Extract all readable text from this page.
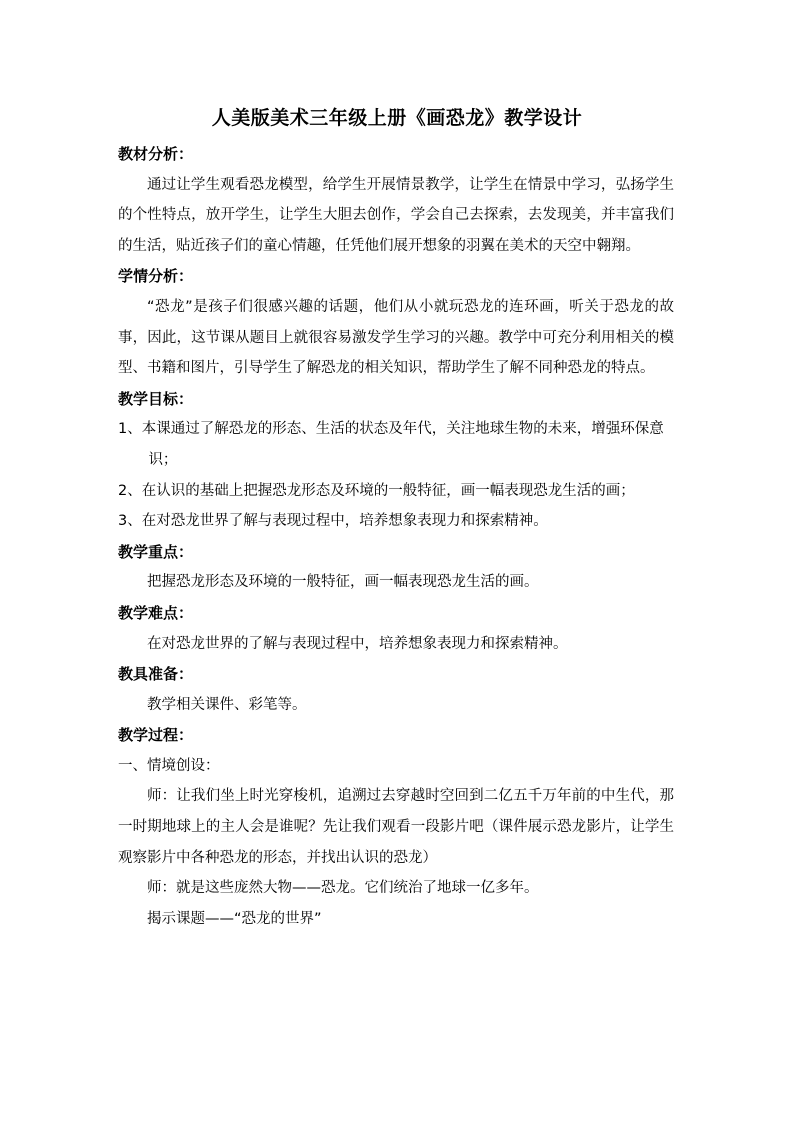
人美版美术三年级上册《画恐龙》教学设计
教材分析：
通过让学生观看恐龙模型，给学生开展情景教学，让学生在情景中学习，弘扬学生的个性特点，放开学生，让学生大胆去创作，学会自己去探索，去发现美，并丰富我们的生活，贴近孩子们的童心情趣，任凭他们展开想象的羽翼在美术的天空中翱翔。
学情分析：
“恐龙”是孩子们很感兴趣的话题，他们从小就玩恐龙的连环画，听关于恐龙的故事，因此，这节课从题目上就很容易激发学生学习的兴趣。教学中可充分利用相关的模型、书籍和图片，引导学生了解恐龙的相关知识，帮助学生了解不同种恐龙的特点。
教学目标：
1、本课通过了解恐龙的形态、生活的状态及年代，关注地球生物的未来，增强环保意识；
2、在认识的基础上把握恐龙形态及环境的一般特征，画一幅表现恐龙生活的画；
3、在对恐龙世界了解与表现过程中，培养想象表现力和探索精神。
教学重点：
把握恐龙形态及环境的一般特征，画一幅表现恐龙生活的画。
教学难点：
在对恐龙世界的了解与表现过程中，培养想象表现力和探索精神。
教具准备：
教学相关课件、彩笔等。
教学过程：
一、情境创设：
师：让我们坐上时光穿梭机，追溯过去穿越时空回到二亿五千万年前的中生代，那一时期地球上的主人会是谁呢？先让我们观看一段影片吧（课件展示恐龙影片，让学生观察影片中各种恐龙的形态，并找出认识的恐龙）
师：就是这些庞然大物——恐龙。它们统治了地球一亿多年。
揭示课题——“恐龙的世界”
